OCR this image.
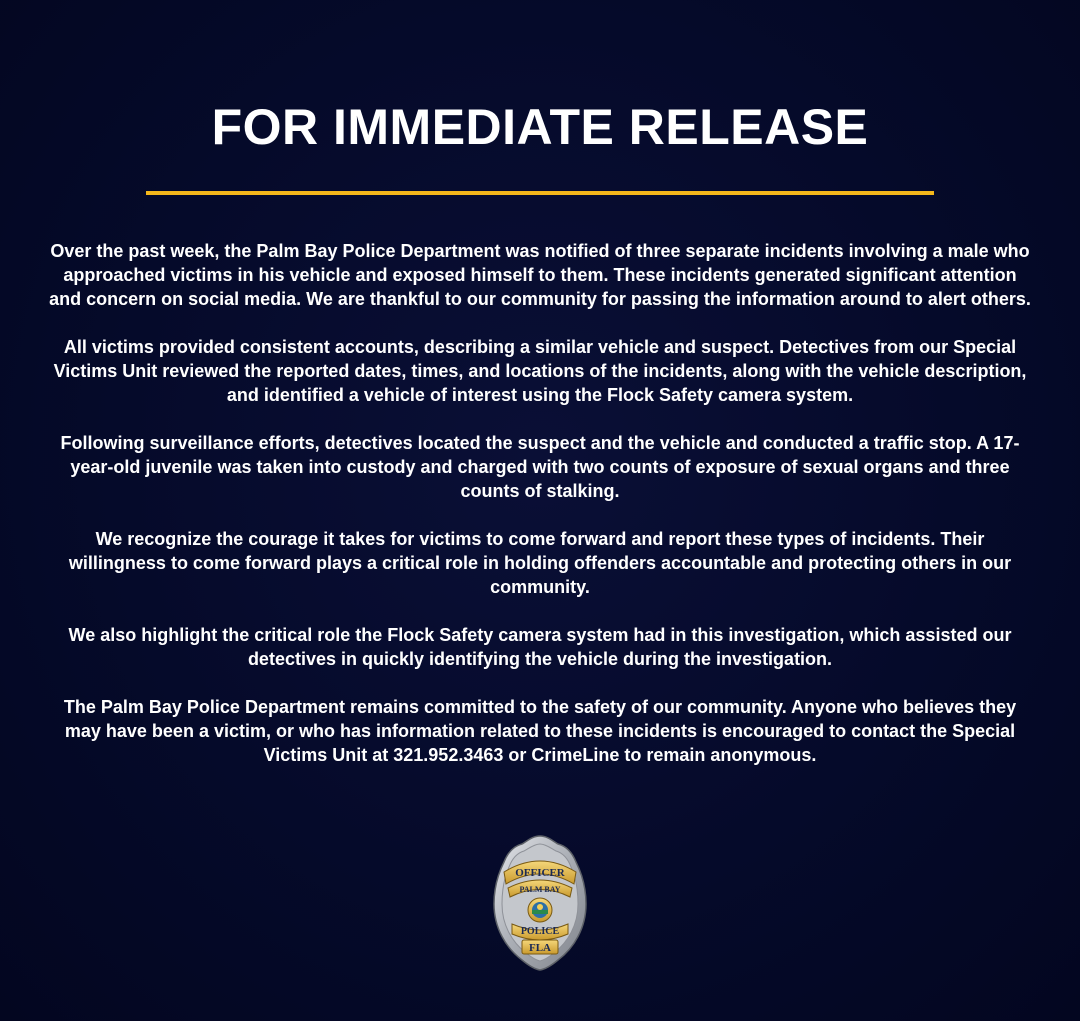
FOR IMMEDIATE RELEASE

Over the past week, the Palm Bay Police Department was notified of three separate incidents involving a male who approached victims in his vehicle and exposed himself to them. These incidents generated significant attention and concern on social media. We are thankful to our community for passing the information around to alert others.

All victims provided consistent accounts, describing a similar vehicle and suspect. Detectives from our Special Victims Unit reviewed the reported dates, times, and locations of the incidents, along with the vehicle description, and identified a vehicle of interest using the Flock Safety camera system.

Following surveillance efforts, detectives located the suspect and the vehicle and conducted a traffic stop. A 17-year-old juvenile was taken into custody and charged with two counts of exposure of sexual organs and three counts of stalking.

We recognize the courage it takes for victims to come forward and report these types of incidents. Their willingness to come forward plays a critical role in holding offenders accountable and protecting others in our community.

We also highlight the critical role the Flock Safety camera system had in this investigation, which assisted our detectives in quickly identifying the vehicle during the investigation.

The Palm Bay Police Department remains committed to the safety of our community. Anyone who believes they may have been a victim, or who has information related to these incidents is encouraged to contact the Special Victims Unit at 321.952.3463 or CrimeLine to remain anonymous.

OFFICER
PALM BAY
POLICE
FLA
